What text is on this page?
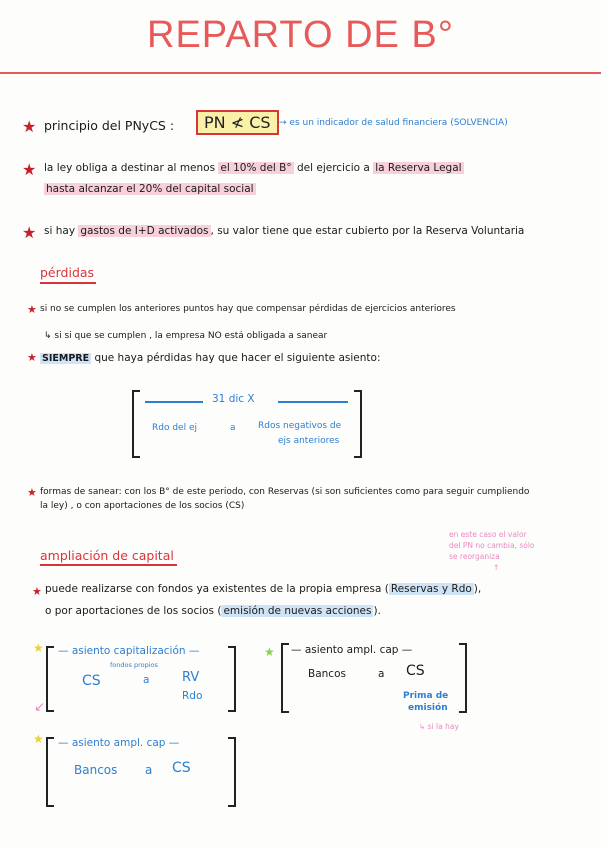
REPARTO DE B°
★ principio del PNyCS :	PN ≮ CS → es un indicador de salud financiera (SOLVENCIA)
★ la ley obliga a destinar al menos el 10% del B° del ejercicio a la Reserva Legal
hasta alcanzar el 20% del capital social
★ si hay gastos de I+D activados , su valor tiene que estar cubierto por la Reserva Voluntaria
pérdidas
★ si no se cumplen los anteriores puntos hay que compensar pérdidas de ejercicios anteriores
↳ si si que se cumplen , la empresa NO está obligada a sanear
★ SIEMPRE que haya pérdidas hay que hacer el siguiente asiento:
31 dic X
Rdo del ej	a Rdos negativos de
ejs anteriores
★ formas de sanear: con los B° de este periodo, con Reservas (si son suficientes como para seguir cumpliendo
la ley) , o con aportaciones de los socios (CS)
ampliación de capital
en este caso el valor
del PN no cambia, sólo
se reorganiza
↑
★ puede realizarse con fondos ya existentes de la propia empresa ( Reservas y Rdo ),
o por aportaciones de los socios ( emisión de nuevas acciones ).
★ — asiento capitalización —
fondos propios
CS	a	RV
Rdo
↙
★ — asiento ampl. cap —
Bancos	a CS
Prima de
emisión
↳ si la hay
★ — asiento ampl. cap —
Bancos a CS
